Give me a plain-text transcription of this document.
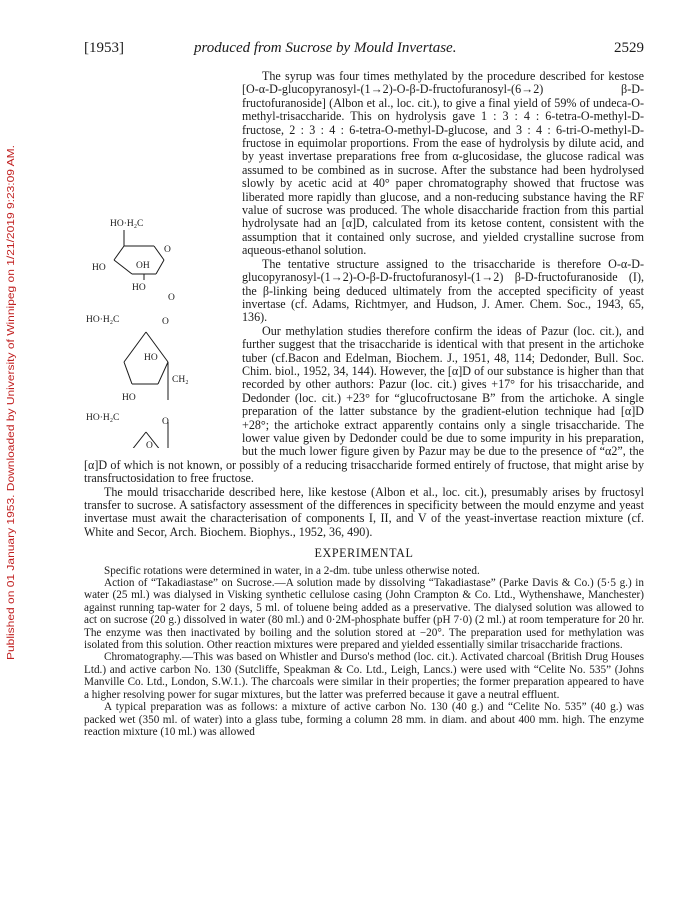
Published on 01 January 1953. Downloaded by University of Winnipeg on 1/21/2019 9:23:09 AM.
[1953]	produced from Sucrose by Mould Invertase.	2529

HO·H₂C
OH
O
HO
HO
O
HO·H₂C	O
HO
CH₂
HO
HO·H₂C	O
O
The syrup was four times methylated by the procedure described for kestose [O-α-D-glucopyranosyl-(1→2)-O-β-D-fructofuranosyl-(6→2) β-D-fructofuranoside] (Albon et al., loc. cit.), to give a final yield of 59% of undeca-O-methyl-trisaccharide. This on hydrolysis gave 1 : 3 : 4 : 6-tetra-O-methyl-D-fructose, 2 : 3 : 4 : 6-tetra-O-methyl-D-glucose, and 3 : 4 : 6-tri-O-methyl-D-fructose in equimolar proportions. From the ease of hydrolysis by dilute acid, and by yeast invertase preparations free from α-glucosidase, the glucose radical was assumed to be combined as in sucrose. After the substance had been hydrolysed slowly by acetic acid at 40° paper chromatography showed that fructose was liberated more rapidly than glucose, and a non-reducing substance having the RF value of sucrose was produced. The whole disaccharide fraction from this partial hydrolysate had an [α]D, calculated from its ketose content, consistent with the assumption that it contained only sucrose, and yielded crystalline sucrose from aqueous-ethanol solution.

The tentative structure assigned to the trisaccharide is therefore O-α-D-glucopyranosyl-(1→2)-O-β-D-fructofuranosyl-(1→2) β-D-fructofuranoside (I), the β-linking being deduced ultimately from the accepted specificity of yeast invertase (cf. Adams, Richtmyer, and Hudson, J. Amer. Chem. Soc., 1943, 65, 136).

Our methylation studies therefore confirm the ideas of Pazur (loc. cit.), and further suggest that the trisaccharide is identical with that present in the artichoke tuber (cf.Bacon and Edelman, Biochem. J., 1951, 48, 114; Dedonder, Bull. Soc. Chim. biol., 1952, 34, 144). However, the [α]D of our substance is higher than that recorded by other authors: Pazur (loc. cit.) gives +17° for his trisaccharide, and Dedonder (loc. cit.) +23° for “glucofructosane B” from the artichoke. A single preparation of the latter substance by the gradient-elution technique had [α]D +28°; the artichoke extract apparently contains only a single trisaccharide. The lower value given by Dedonder could be due to some impurity in his preparation, but the much lower figure given by Pazur may be due to the presence of “α2”, the [α]D of which is not known, or possibly of a reducing trisaccharide formed entirely of fructose, that might arise by transfructosidation to free fructose.

The mould trisaccharide described here, like kestose (Albon et al., loc. cit.), presumably arises by fructosyl transfer to sucrose. A satisfactory assessment of the differences in specificity between the mould enzyme and yeast invertase must await the characterisation of components I, II, and V of the yeast-invertase reaction mixture (cf. White and Secor, Arch. Biochem. Biophys., 1952, 36, 490).

EXPERIMENTAL

Specific rotations were determined in water, in a 2-dm. tube unless otherwise noted.

Action of “Takadiastase” on Sucrose.—A solution made by dissolving “Takadiastase” (Parke Davis & Co.) (5·5 g.) in water (25 ml.) was dialysed in Visking synthetic cellulose casing (John Crampton & Co. Ltd., Wythenshawe, Manchester) against running tap-water for 2 days, 5 ml. of toluene being added as a preservative. The dialysed solution was allowed to act on sucrose (20 g.) dissolved in water (80 ml.) and 0·2M-phosphate buffer (pH 7·0) (2 ml.) at room temperature for 20 hr. The enzyme was then inactivated by boiling and the solution stored at −20°. The preparation used for methylation was isolated from this solution. Other reaction mixtures were prepared and yielded essentially similar trisaccharide fractions.

Chromatography.—This was based on Whistler and Durso's method (loc. cit.). Activated charcoal (British Drug Houses Ltd.) and active carbon No. 130 (Sutcliffe, Speakman & Co. Ltd., Leigh, Lancs.) were used with “Celite No. 535” (Johns Manville Co. Ltd., London, S.W.1.). The charcoals were similar in their properties; the former preparation appeared to have a higher resolving power for sugar mixtures, but the latter was preferred because it gave a neutral effluent.

A typical preparation was as follows: a mixture of active carbon No. 130 (40 g.) and “Celite No. 535” (40 g.) was packed wet (350 ml. of water) into a glass tube, forming a column 28 mm. in diam. and about 400 mm. high. The enzyme reaction mixture (10 ml.) was allowed
